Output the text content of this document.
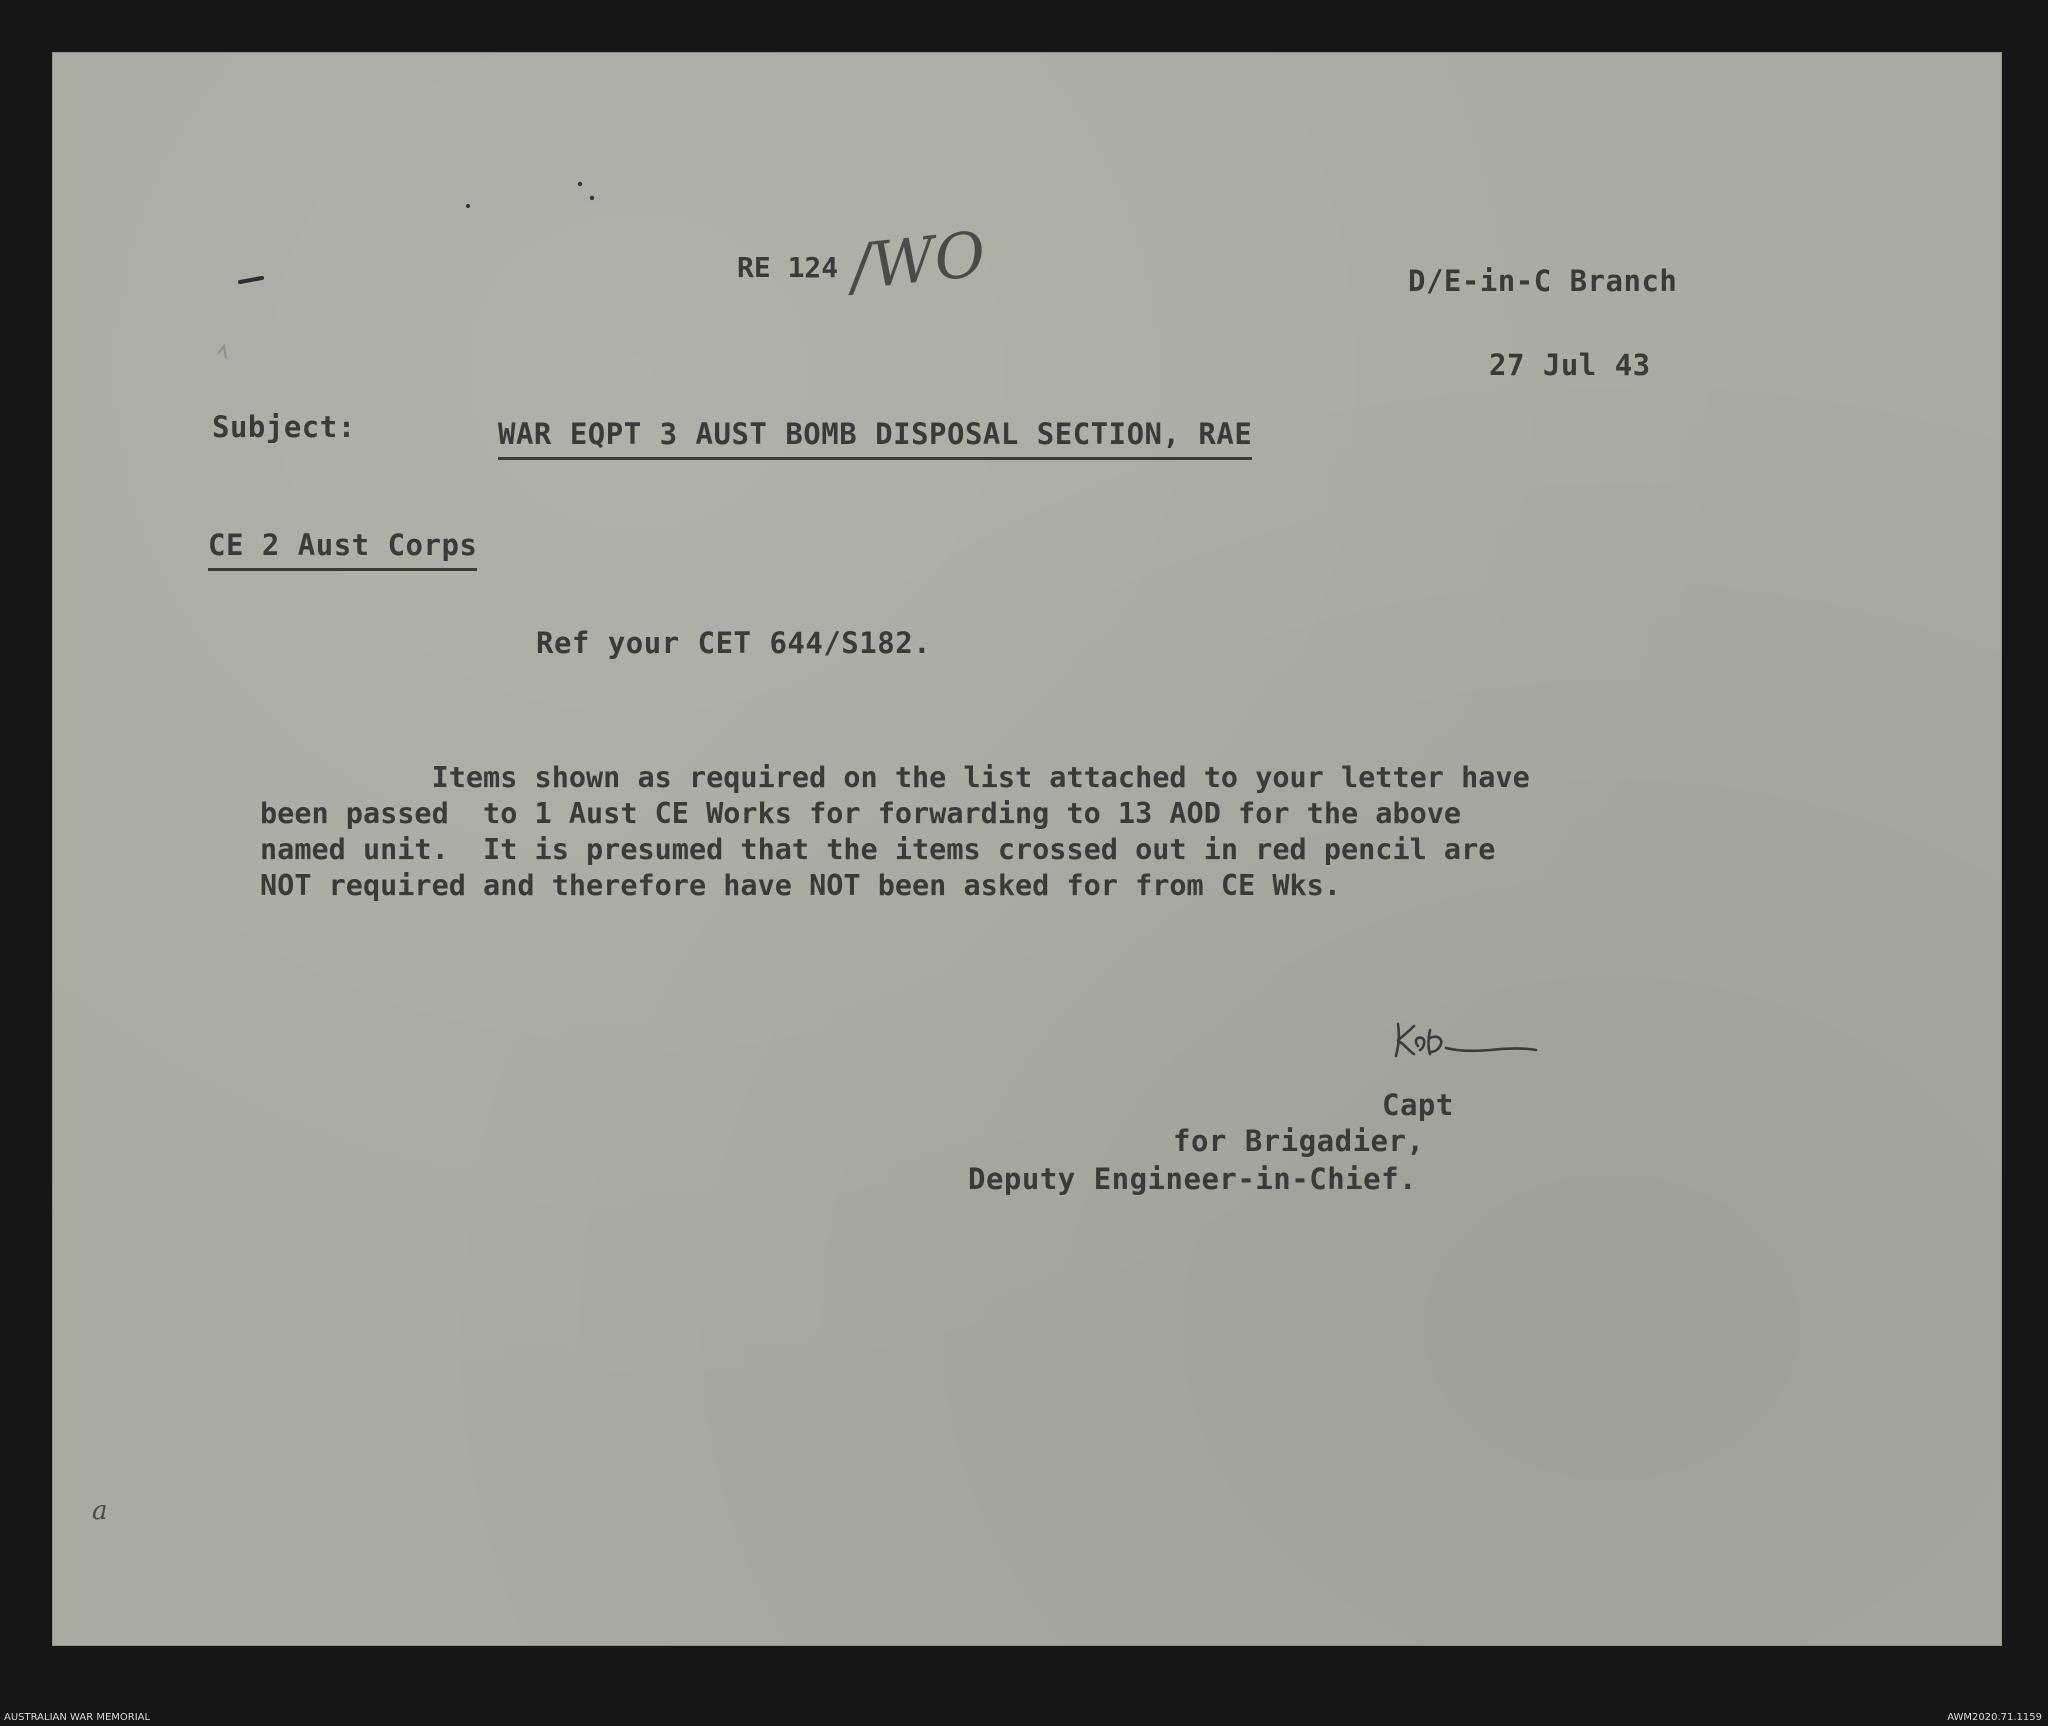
RE 124 /WO	D/E-in-C Branch
27 Jul 43
Subject:	WAR EQPT 3 AUST BOMB DISPOSAL SECTION, RAE
CE 2 Aust Corps
Ref your CET 644/S182.
Items shown as required on the list attached to your letter have
been passed  to 1 Aust CE Works for forwarding to 13 AOD for the above
named unit.  It is presumed that the items crossed out in red pencil are
NOT required and therefore have NOT been asked for from CE Wks.
Capt
for Brigadier,
Deputy Engineer-in-Chief.
a
AUSTRALIAN WAR MEMORIAL	AWM2020.71.1159
